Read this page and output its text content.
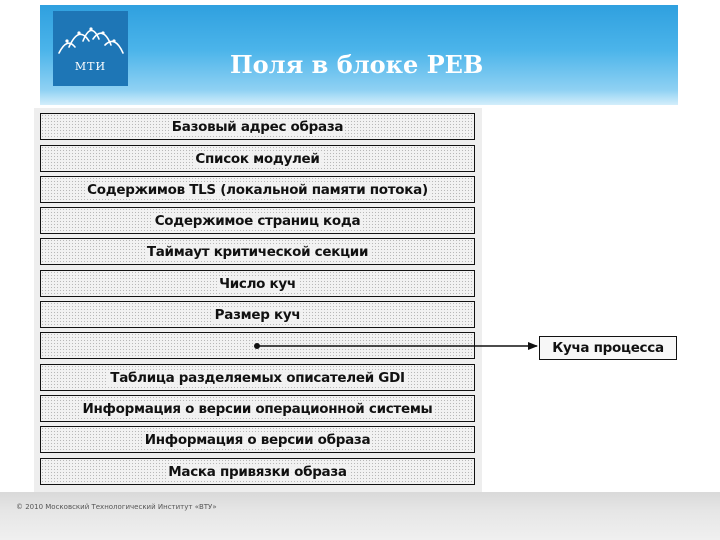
МТИ	Поля в блоке PEB
Базовый адрес образа
Список модулей
Содержимов TLS (локальной памяти потока)
Содержимое страниц кода
Таймаут критической секции
Число куч
Размер куч
Таблица разделяемых описателей GDI
Информация о версии операционной системы
Информация о версии образа
Маска привязки образа
Куча процесса
© 2010 Московский Технологический Институт «ВТУ»
